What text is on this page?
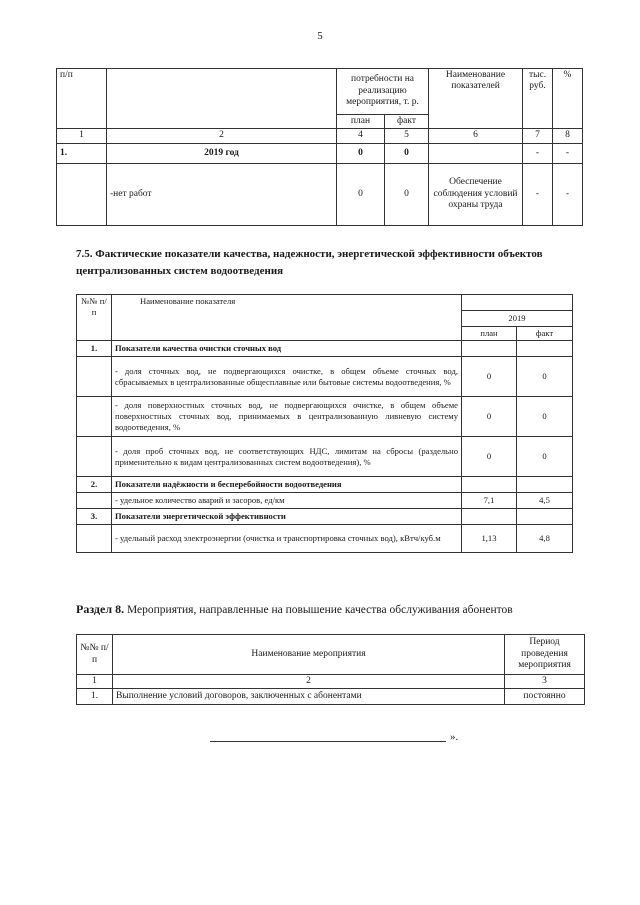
5
п/п		потребности на реализацию мероприятия, т. р.		Наименование показателей	тыс. руб.	%
		план	факт			
1	2	4	5	6	7	8
1.	2019 год	0	0		-	-
	-нет работ	0	0	Обеспечение соблюдения условий охраны труда	-	-
7.5. Фактические показатели качества, надежности, энергетической эффективности объектов централизованных систем водоотведения
№№ п/п	Наименование показателя		
		2019	
		план	факт
1.	Показатели качества очистки сточных вод		
	- доля сточных вод, не подвергающихся очистке, в общем объеме сточных вод, сбрасываемых в централизованные общесплавные или бытовые системы водоотведения, %	0	0
	- доля поверхностных сточных вод, не подвергающихся очистке, в общем объеме поверхностных сточных вод, принимаемых в централизованную ливневую систему водоотведения, %	0	0
	- доля проб сточных вод, не соответствующих НДС, лимитам на сбросы (раздельно применительно к видам централизованных систем водоотведения), %	0	0
2.	Показатели надёжности и бесперебойности водоотведения		
	- удельное количество аварий и засоров, ед/км	7,1	4,5
3.	Показатели энергетической эффективности		
	- удельный расход электроэнергии (очистка и транспортировка сточных вод), кВтч/куб.м	1,13	4,8
Раздел 8. Мероприятия, направленные на повышение качества обслуживания абонентов
№№ п/п	Наименование мероприятия	Период проведения мероприятия
1	2	3
1.	Выполнение условий договоров, заключенных с абонентами	постоянно
».
